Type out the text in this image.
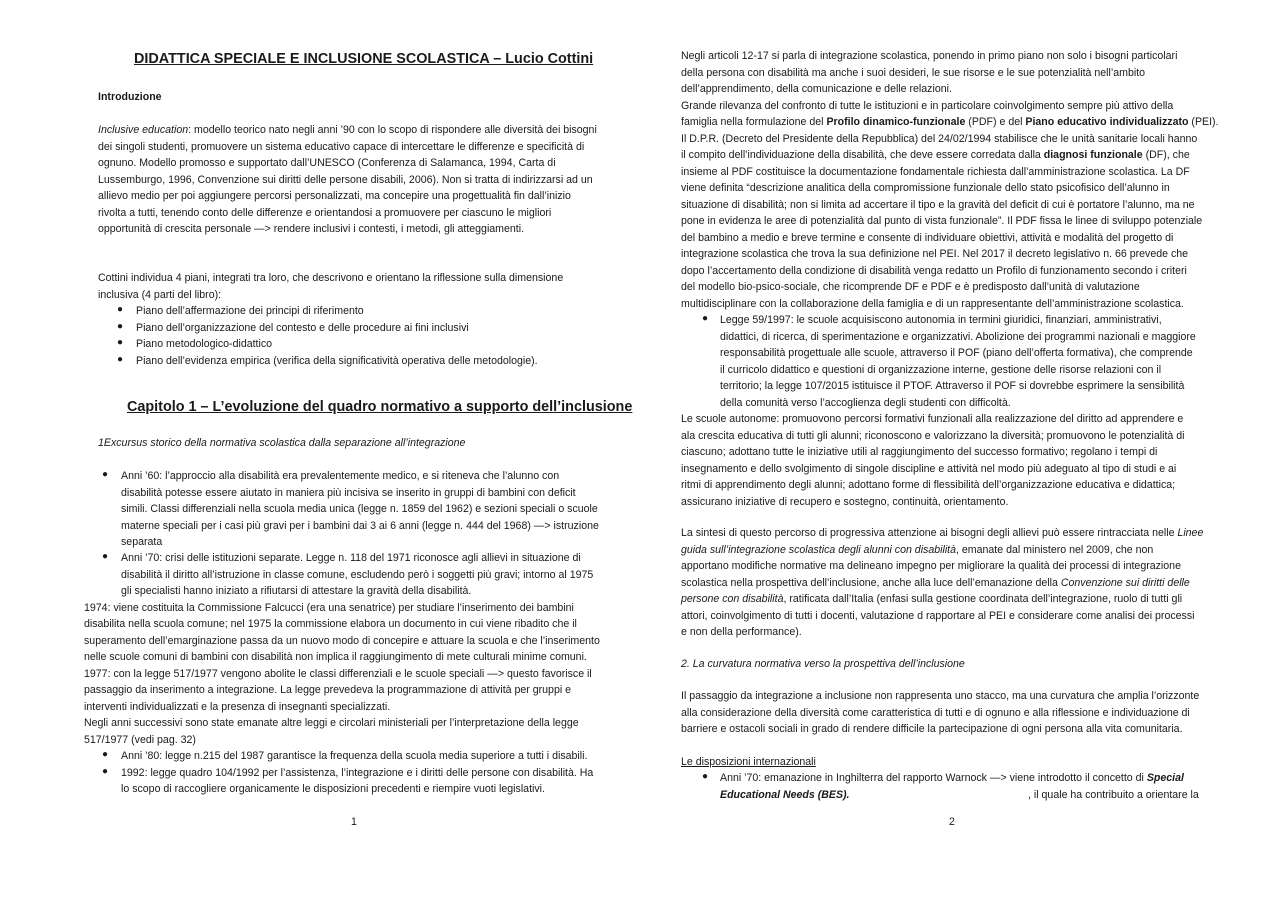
DIDATTICA SPECIALE E INCLUSIONE SCOLASTICA – Lucio Cottini
Introduzione
Inclusive education: modello teorico nato negli anni ’90 con lo scopo di rispondere alle diversità dei bisogni
dei singoli studenti, promuovere un sistema educativo capace di intercettare le differenze e specificità di
ognuno. Modello promosso e supportato dall’UNESCO (Conferenza di Salamanca, 1994, Carta di
Lussemburgo, 1996, Convenzione sui diritti delle persone disabili, 2006). Non si tratta di indirizzarsi ad un
allievo medio per poi aggiungere percorsi personalizzati, ma concepire una progettualità fin dall’inizio
rivolta a tutti, tenendo conto delle differenze e orientandosi a promuovere per ciascuno le migliori
opportunità di crescita personale —> rendere inclusivi i contesti, i metodi, gli atteggiamenti.
Cottini individua 4 piani, integrati tra loro, che descrivono e orientano la riflessione sulla dimensione
inclusiva (4 parti del libro):
● Piano dell’affermazione dei principi di riferimento
● Piano dell’organizzazione del contesto e delle procedure ai fini inclusivi
● Piano metodologico-didattico
● Piano dell’evidenza empirica (verifica della significatività operativa delle metodologie).
Capitolo 1 – L’evoluzione del quadro normativo a supporto dell’inclusione
1Excursus storico della normativa scolastica dalla separazione all’integrazione
● Anni ’60: l’approccio alla disabilità era prevalentemente medico, e si riteneva che l’alunno con
disabilità potesse essere aiutato in maniera più incisiva se inserito in gruppi di bambini con deficit
simili. Classi differenziali nella scuola media unica (legge n. 1859 del 1962) e sezioni speciali o scuole
materne speciali per i casi più gravi per i bambini dai 3 ai 6 anni (legge n. 444 del 1968) —> istruzione
separata
● Anni ’70: crisi delle istituzioni separate. Legge n. 118 del 1971 riconosce agli allievi in situazione di
disabilità il diritto all’istruzione in classe comune, escludendo però i soggetti più gravi; intorno al 1975
gli specialisti hanno iniziato a rifiutarsi di attestare la gravità della disabilità.
1974: viene costituita la Commissione Falcucci (era una senatrice) per studiare l’inserimento dei bambini
disabilita nella scuola comune; nel 1975 la commissione elabora un documento in cui viene ribadito che il
superamento dell’emarginazione passa da un nuovo modo di concepire e attuare la scuola e che l’inserimento
nelle scuole comuni di bambini con disabilità non implica il raggiungimento di mete culturali minime comuni.
1977: con la legge 517/1977 vengono abolite le classi differenziali e le scuole speciali —> questo favorisce il
passaggio da inserimento a integrazione. La legge prevedeva la programmazione di attività per gruppi e
interventi individualizzati e la presenza di insegnanti specializzati.
Negli anni successivi sono state emanate altre leggi e circolari ministeriali per l’interpretazione della legge
517/1977 (vedi pag. 32)
● Anni ’80: legge n.215 del 1987 garantisce la frequenza della scuola media superiore a tutti i disabili.
● 1992: legge quadro 104/1992 per l’assistenza, l’integrazione e i diritti delle persone con disabilità. Ha
lo scopo di raccogliere organicamente le disposizioni precedenti e riempire vuoti legislativi.
1
Negli articoli 12-17 si parla di integrazione scolastica, ponendo in primo piano non solo i bisogni particolari
della persona con disabilità ma anche i suoi desideri, le sue risorse e le sue potenzialità nell’ambito
dell’apprendimento, della comunicazione e delle relazioni.
Grande rilevanza del confronto di tutte le istituzioni e in particolare coinvolgimento sempre più attivo della
famiglia nella formulazione del Profilo dinamico-funzionale (PDF) e del Piano educativo individualizzato (PEI).
Il D.P.R. (Decreto del Presidente della Repubblica) del 24/02/1994 stabilisce che le unità sanitarie locali hanno
il compito dell’individuazione della disabilità, che deve essere corredata dalla diagnosi funzionale (DF), che
insieme al PDF costituisce la documentazione fondamentale richiesta dall’amministrazione scolastica. La DF
viene definita “descrizione analitica della compromissione funzionale dello stato psicofisico dell’alunno in
situazione di disabilità; non si limita ad accertare il tipo e la gravità del deficit di cui è portatore l’alunno, ma ne
pone in evidenza le aree di potenzialità dal punto di vista funzionale”. Il PDF fissa le linee di sviluppo potenziale
del bambino a medio e breve termine e consente di individuare obiettivi, attività e modalità del progetto di
integrazione scolastica che trova la sua definizione nel PEI. Nel 2017 il decreto legislativo n. 66 prevede che
dopo l’accertamento della condizione di disabilità venga redatto un Profilo di funzionamento secondo i criteri
del modello bio-psico-sociale, che ricomprende DF e PDF e è predisposto dall’unità di valutazione
multidisciplinare con la collaborazione della famiglia e di un rappresentante dell’amministrazione scolastica.
● Legge 59/1997: le scuole acquisiscono autonomia in termini giuridici, finanziari, amministrativi,
didattici, di ricerca, di sperimentazione e organizzativi. Abolizione dei programmi nazionali e maggiore
responsabilità progettuale alle scuole, attraverso il POF (piano dell’offerta formativa), che comprende
il curricolo didattico e questioni di organizzazione interne, gestione delle risorse relazioni con il
territorio; la legge 107/2015 istituisce il PTOF. Attraverso il POF si dovrebbe esprimere la sensibilità
della comunità verso l’accoglienza degli studenti con difficoltà.
Le scuole autonome: promuovono percorsi formativi funzionali alla realizzazione del diritto ad apprendere e
ala crescita educativa di tutti gli alunni; riconoscono e valorizzano la diversità; promuovono le potenzialità di
ciascuno; adottano tutte le iniziative utili al raggiungimento del successo formativo; regolano i tempi di
insegnamento e dello svolgimento di singole discipline e attività nel modo più adeguato al tipo di studi e ai
ritmi di apprendimento degli alunni; adottano forme di flessibilità dell’organizzazione educativa e didattica;
assicurano iniziative di recupero e sostegno, continuità, orientamento.
La sintesi di questo percorso di progressiva attenzione ai bisogni degli allievi può essere rintracciata nelle Linee
guida sull’integrazione scolastica degli alunni con disabilità, emanate dal ministero nel 2009, che non
apportano modifiche normative ma delineano impegno per migliorare la qualità dei processi di integrazione
scolastica nella prospettiva dell’inclusione, anche alla luce dell’emanazione della Convenzione sui diritti delle
persone con disabilità, ratificata dall’Italia (enfasi sulla gestione coordinata dell’integrazione, ruolo di tutti gli
attori, coinvolgimento di tutti i docenti, valutazione d rapportare al PEI e considerare come analisi dei processi
e non della performance).
2. La curvatura normativa verso la prospettiva dell’inclusione
Il passaggio da integrazione a inclusione non rappresenta uno stacco, ma una curvatura che amplia l’orizzonte
alla considerazione della diversità come caratteristica di tutti e di ognuno e alla riflessione e individuazione di
barriere e ostacoli sociali in grado di rendere difficile la partecipazione di ogni persona alla vita comunitaria.
Le disposizioni internazionali
● Anni ’70: emanazione in Inghilterra del rapporto Warnock —> viene introdotto il concetto di Special
Educational Needs (BES).	, il quale ha contribuito a orientare la
2
